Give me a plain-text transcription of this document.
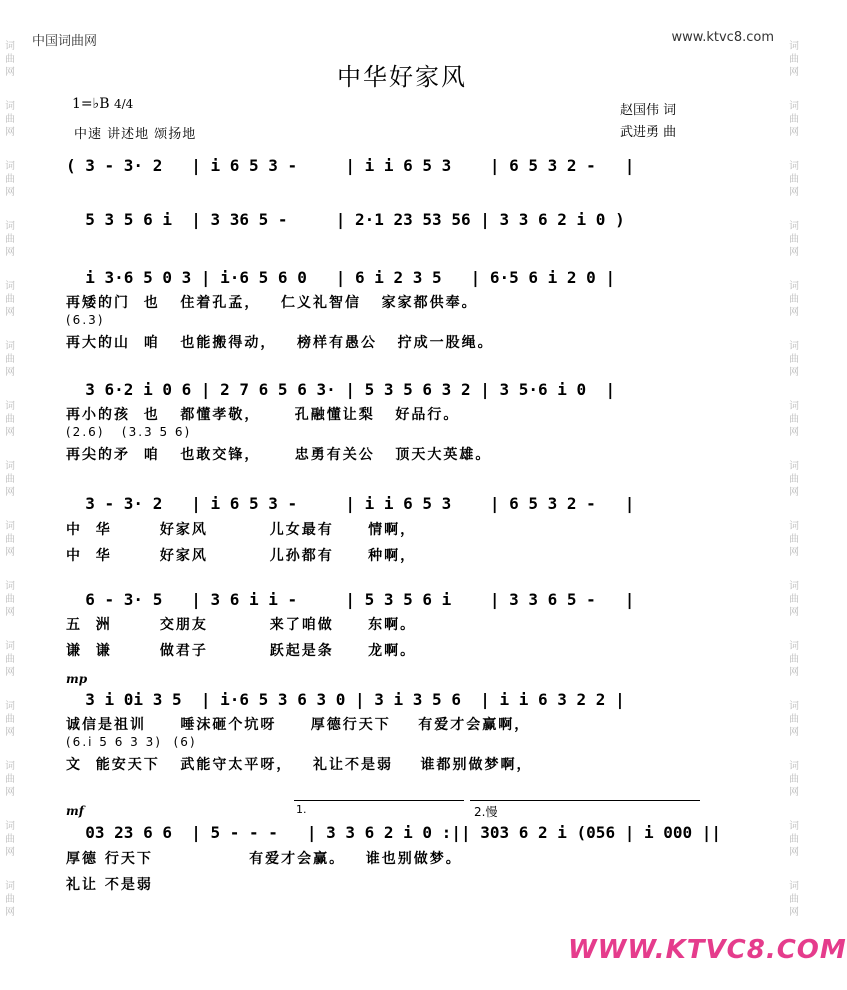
中国词曲网	www.ktvc8.com
词曲网
词曲网
词曲网
词曲网
词曲网
词曲网
词曲网
词曲网
词曲网
词曲网
词曲网
词曲网
词曲网
词曲网
词曲网
词曲网
词曲网
词曲网
词曲网
词曲网
词曲网
词曲网
词曲网
词曲网
词曲网
词曲网
词曲网
词曲网
词曲网
词曲网
中华好家风
1=♭B 4/4
中速 讲述地 颂扬地
赵国伟 词
武进勇 曲
( 3 - 3· 2   | i 6 5 3 -     | i i 6 5 3    | 6 5 3 2 -   |
5 3 5 6 i  | 3 36 5 -     | 2·1 23 53 56 | 3 3 6 2 i 0 )
i 3·6 5 0 3 | i·6 5 6 0   | 6 i 2 3 5   | 6·5 6 i 2 0 |
再矮的门  也   住着孔孟，   仁义礼智信   家家都供奉。
(6.3)
再大的山  咱   也能搬得动，   榜样有愚公   拧成一股绳。
3 6·2 i 0 6 | 2 7 6 5 6 3· | 5 3 5 6 3 2 | 3 5·6 i 0  |
再小的孩  也   都懂孝敬，     孔融懂让梨   好品行。
(2.6)   (3.3 5 6)
再尖的矛  咱   也敢交锋，     忠勇有关公   顶天大英雄。
3 - 3· 2   | i 6 5 3 -     | i i 6 5 3    | 6 5 3 2 -   |
中  华       好家风         儿女最有     情啊，
中  华       好家风         儿孙都有     种啊，
6 - 3· 5   | 3 6 i i -     | 5 3 5 6 i    | 3 3 6 5 -   |
五  洲       交朋友         来了咱做     东啊。
谦  谦       做君子         跃起是条     龙啊。
mp
3 i 0i 3 5  | i·6 5 3 6 3 0 | 3 i 3 5 6  | i i 6 3 2 2 |
诚信是祖训     唾沫砸个坑呀     厚德行天下    有爱才会赢啊，
(6.i 5 6 3 3)  (6)
文  能安天下   武能守太平呀，   礼让不是弱    谁都别做梦啊，
mf	1.	2.慢
03 23 6 6  | 5 - - -   | 3 3 6 2 i 0 :|| 303 6 2 i (056 | i 000 ||
厚德 行天下              有爱才会赢。   谁也别做梦。
礼让 不是弱
WWW.KTVC8.COM
